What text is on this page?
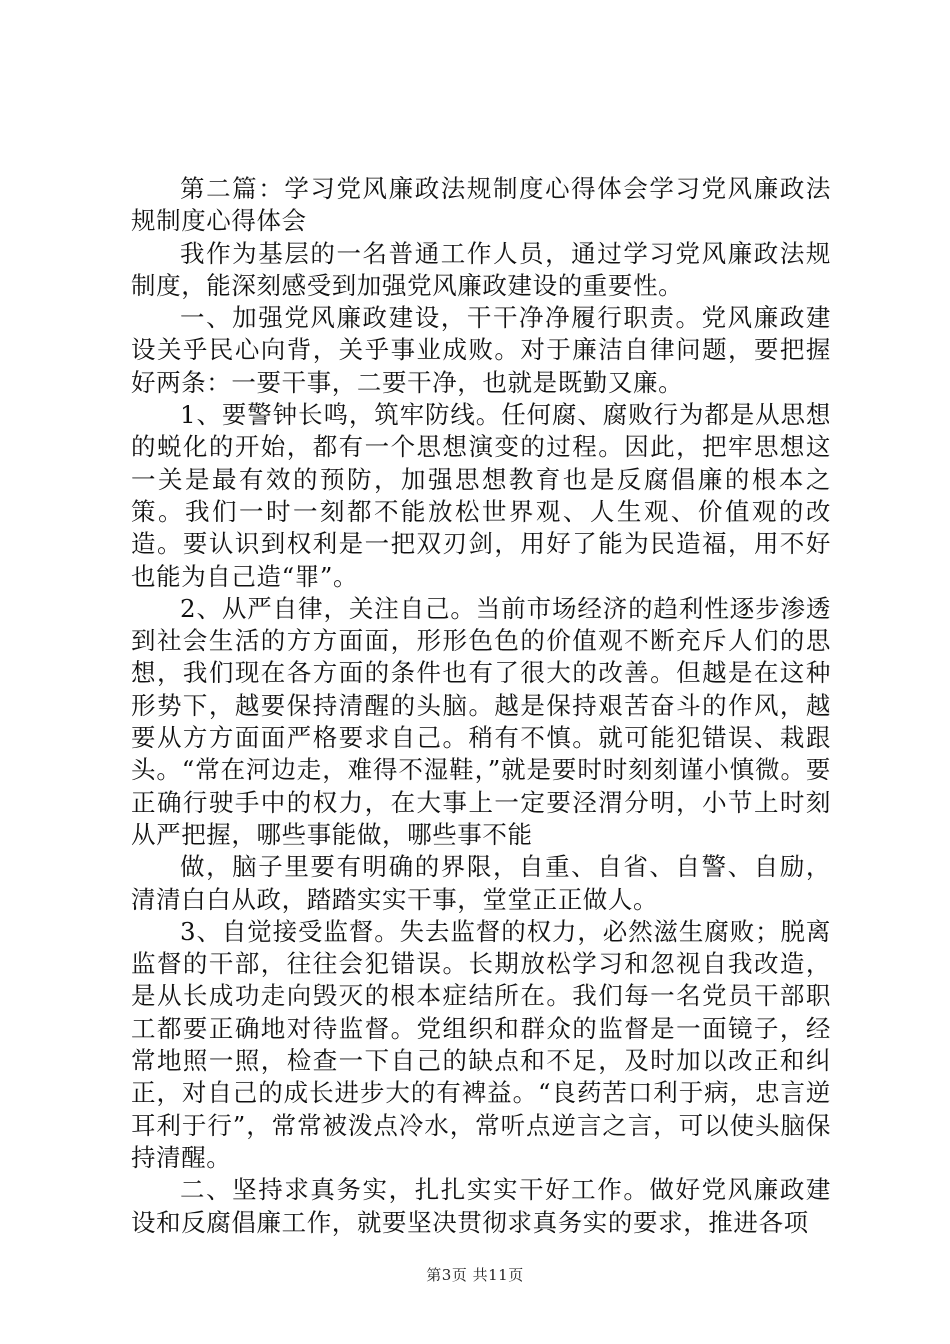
第二篇：学习党风廉政法规制度心得体会学习党风廉政法规制度心得体会

我作为基层的一名普通工作人员，通过学习党风廉政法规制度，能深刻感受到加强党风廉政建设的重要性。

一、加强党风廉政建设，干干净净履行职责。党风廉政建设关乎民心向背，关乎事业成败。对于廉洁自律问题，要把握好两条：一要干事，二要干净，也就是既勤又廉。

1、要警钟长鸣，筑牢防线。任何腐、腐败行为都是从思想的蜕化的开始，都有一个思想演变的过程。因此，把牢思想这一关是最有效的预防，加强思想教育也是反腐倡廉的根本之策。我们一时一刻都不能放松世界观、人生观、价值观的改造。要认识到权利是一把双刃剑，用好了能为民造福，用不好也能为自己造“罪”。

2、从严自律，关注自己。当前市场经济的趋利性逐步渗透到社会生活的方方面面，形形色色的价值观不断充斥人们的思想，我们现在各方面的条件也有了很大的改善。但越是在这种形势下，越要保持清醒的头脑。越是保持艰苦奋斗的作风，越要从方方面面严格要求自己。稍有不慎。就可能犯错误、栽跟头。“常在河边走，难得不湿鞋，”就是要时时刻刻谨小慎微。要正确行驶手中的权力，在大事上一定要泾渭分明，小节上时刻从严把握，哪些事能做，哪些事不能

做，脑子里要有明确的界限，自重、自省、自警、自励，清清白白从政，踏踏实实干事，堂堂正正做人。

3、自觉接受监督。失去监督的权力，必然滋生腐败；脱离监督的干部，往往会犯错误。长期放松学习和忽视自我改造，是从长成功走向毁灭的根本症结所在。我们每一名党员干部职工都要正确地对待监督。党组织和群众的监督是一面镜子，经常地照一照，检查一下自己的缺点和不足，及时加以改正和纠正，对自己的成长进步大的有裨益。“良药苦口利于病，忠言逆耳利于行”，常常被泼点冷水，常听点逆言之言，可以使头脑保持清醒。

二、坚持求真务实，扎扎实实干好工作。做好党风廉政建设和反腐倡廉工作，就要坚决贯彻求真务实的要求，推进各项

第3页 共11页
